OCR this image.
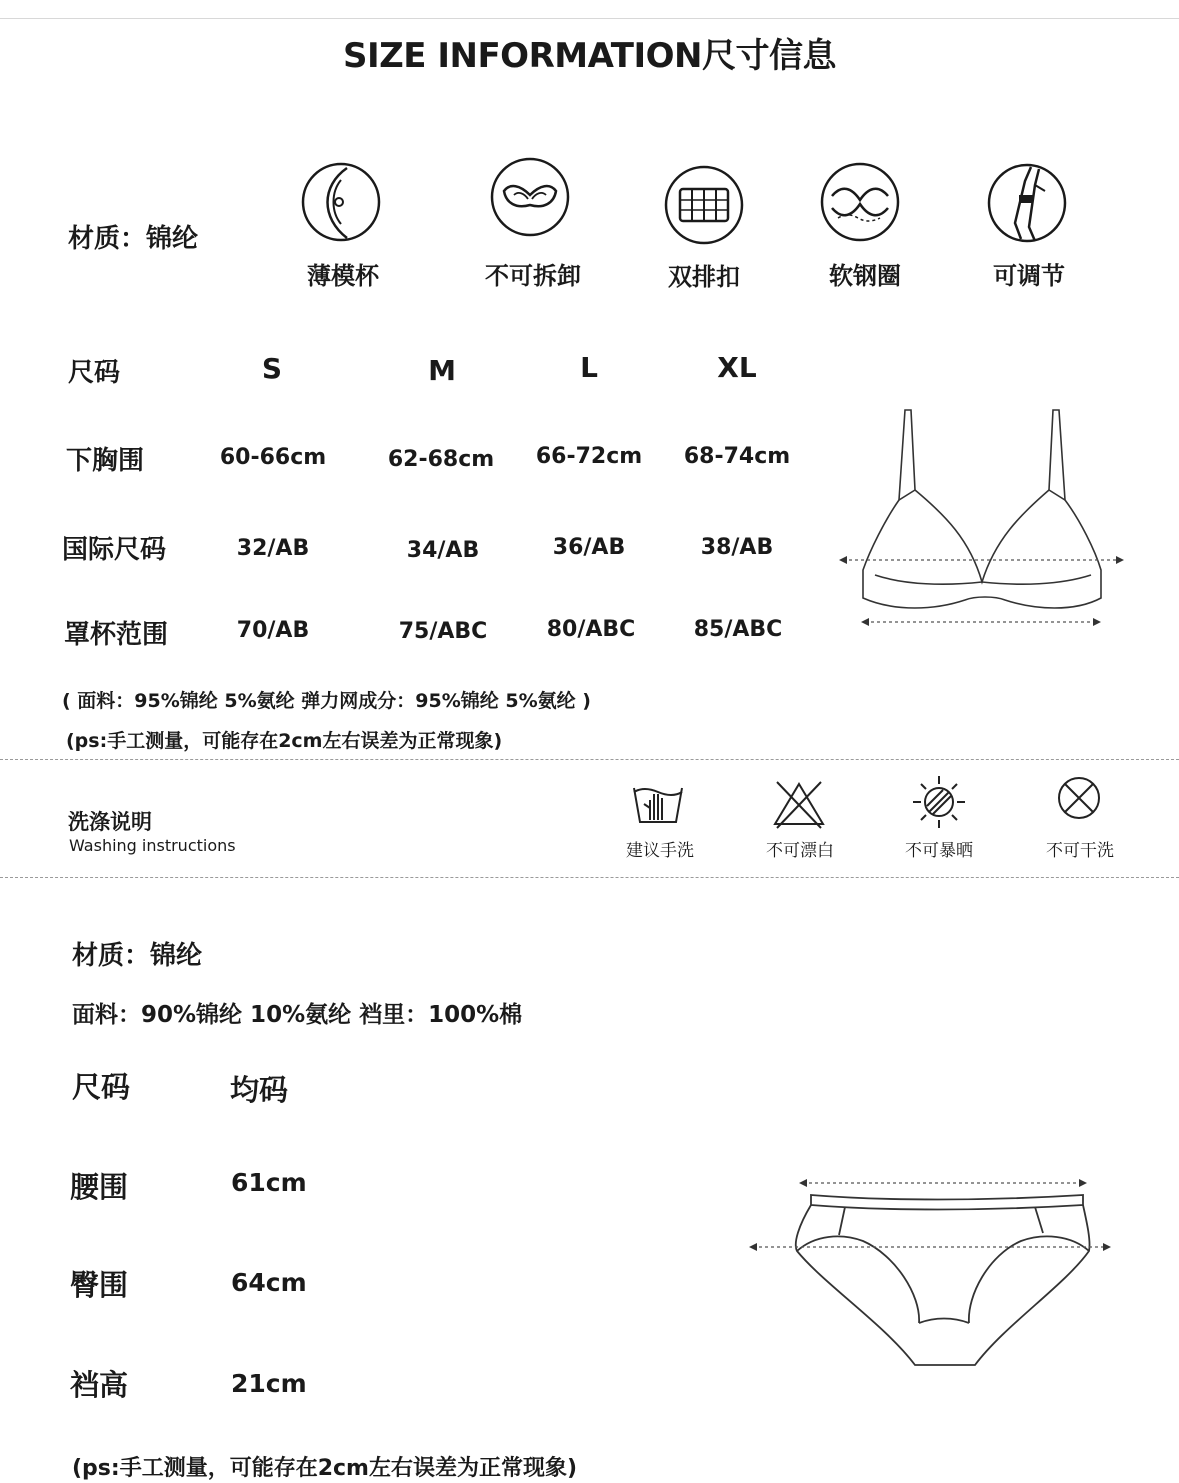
SIZE INFORMATION尺寸信息
材质：锦纶
薄模杯	不可拆卸	双排扣	软钢圈	可调节
尺码	S	M	L	XL
下胸围	60-66cm	62-68cm	66-72cm	68-74cm
国际尺码	32/AB	34/AB	36/AB	38/AB
罩杯范围	70/AB	75/ABC	80/ABC	85/ABC
( 面料：95%锦纶 5%氨纶 弹力网成分：95%锦纶 5%氨纶 )
(ps:手工测量，可能存在2cm左右误差为正常现象)
洗涤说明
Washing instructions	建议手洗	不可漂白	不可暴晒	不可干洗
材质：锦纶
面料：90%锦纶 10%氨纶 裆里：100%棉
尺码	均码
腰围	61cm
臀围	64cm
裆高	21cm
(ps:手工测量，可能存在2cm左右误差为正常现象)
